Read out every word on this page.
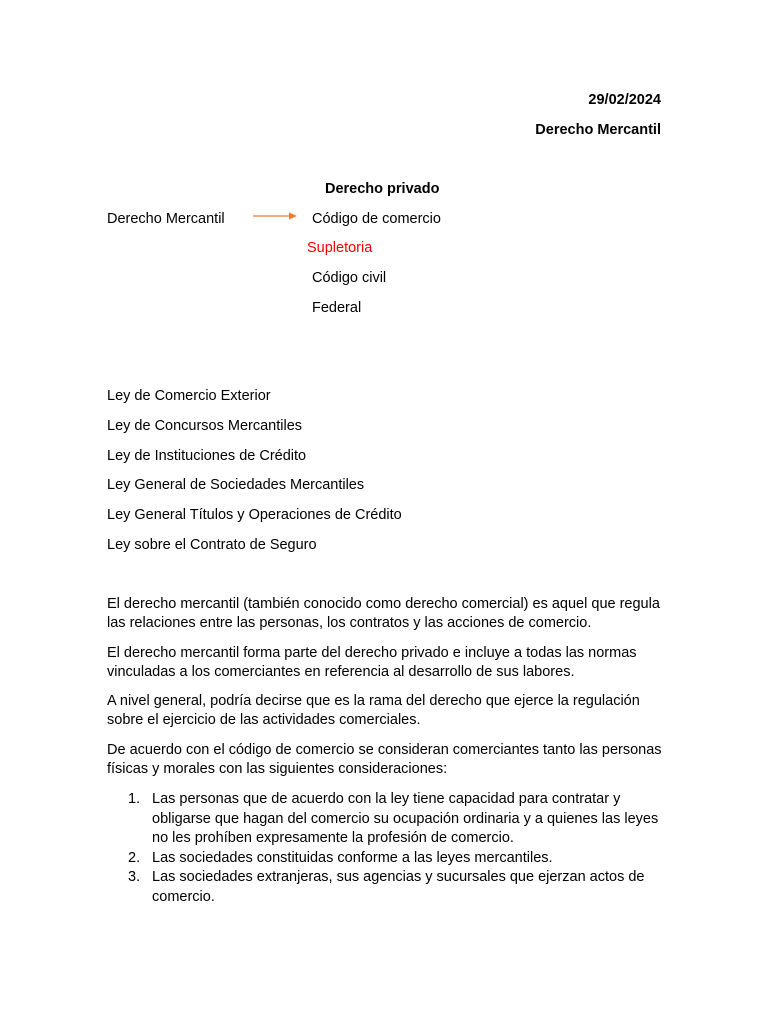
29/02/2024
Derecho Mercantil
Derecho privado
Derecho Mercantil	Código de comercio
Supletoria
Código civil
Federal
Ley de Comercio Exterior
Ley de Concursos Mercantiles
Ley de Instituciones de Crédito
Ley General de Sociedades Mercantiles
Ley General Títulos y Operaciones de Crédito
Ley sobre el Contrato de Seguro
El derecho mercantil (también conocido como derecho comercial) es aquel que regula las relaciones entre las personas, los contratos y las acciones de comercio.
El derecho mercantil forma parte del derecho privado e incluye a todas las normas vinculadas a los comerciantes en referencia al desarrollo de sus labores.
A nivel general, podría decirse que es la rama del derecho que ejerce la regulación sobre el ejercicio de las actividades comerciales.
De acuerdo con el código de comercio se consideran comerciantes tanto las personas físicas y morales con las siguientes consideraciones:
1. Las personas que de acuerdo con la ley tiene capacidad para contratar y obligarse que hagan del comercio su ocupación ordinaria y a quienes las leyes no les prohíben expresamente la profesión de comercio.
2. Las sociedades constituidas conforme a las leyes mercantiles.
3. Las sociedades extranjeras, sus agencias y sucursales que ejerzan actos de comercio.
